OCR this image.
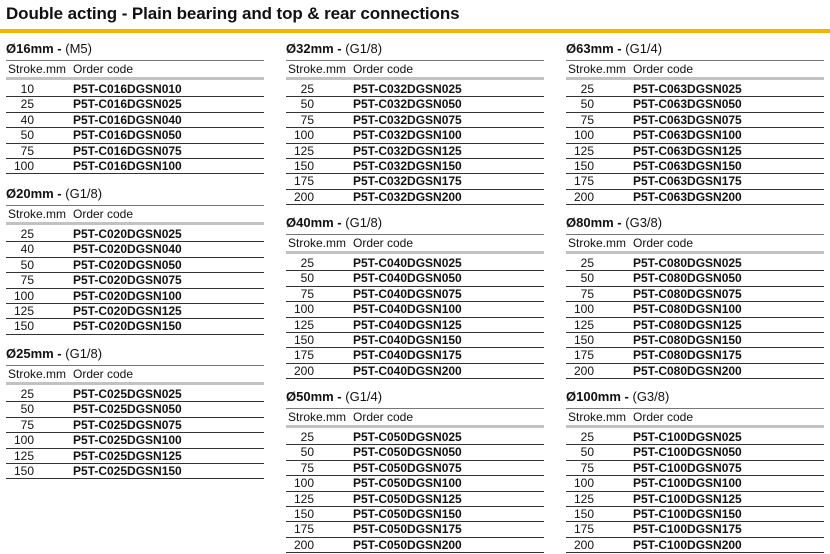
Double acting - Plain bearing and top & rear connections
Ø16mm - (M5)
Stroke.mm Order code
10	P5T-C016DGSN010
25	P5T-C016DGSN025
40	P5T-C016DGSN040
50	P5T-C016DGSN050
75	P5T-C016DGSN075
100	P5T-C016DGSN100
Ø20mm - (G1/8)
Stroke.mm Order code
25	P5T-C020DGSN025
40	P5T-C020DGSN040
50	P5T-C020DGSN050
75	P5T-C020DGSN075
100	P5T-C020DGSN100
125	P5T-C020DGSN125
150	P5T-C020DGSN150
Ø25mm - (G1/8)
Stroke.mm Order code
25	P5T-C025DGSN025
50	P5T-C025DGSN050
75	P5T-C025DGSN075
100	P5T-C025DGSN100
125	P5T-C025DGSN125
150	P5T-C025DGSN150
Ø32mm - (G1/8)
Stroke.mm Order code
25	P5T-C032DGSN025
50	P5T-C032DGSN050
75	P5T-C032DGSN075
100	P5T-C032DGSN100
125	P5T-C032DGSN125
150	P5T-C032DGSN150
175	P5T-C032DGSN175
200	P5T-C032DGSN200
Ø40mm - (G1/8)
Stroke.mm Order code
25	P5T-C040DGSN025
50	P5T-C040DGSN050
75	P5T-C040DGSN075
100	P5T-C040DGSN100
125	P5T-C040DGSN125
150	P5T-C040DGSN150
175	P5T-C040DGSN175
200	P5T-C040DGSN200
Ø50mm - (G1/4)
Stroke.mm Order code
25	P5T-C050DGSN025
50	P5T-C050DGSN050
75	P5T-C050DGSN075
100	P5T-C050DGSN100
125	P5T-C050DGSN125
150	P5T-C050DGSN150
175	P5T-C050DGSN175
200	P5T-C050DGSN200
Ø63mm - (G1/4)
Stroke.mm Order code
25	P5T-C063DGSN025
50	P5T-C063DGSN050
75	P5T-C063DGSN075
100	P5T-C063DGSN100
125	P5T-C063DGSN125
150	P5T-C063DGSN150
175	P5T-C063DGSN175
200	P5T-C063DGSN200
Ø80mm - (G3/8)
Stroke.mm Order code
25	P5T-C080DGSN025
50	P5T-C080DGSN050
75	P5T-C080DGSN075
100	P5T-C080DGSN100
125	P5T-C080DGSN125
150	P5T-C080DGSN150
175	P5T-C080DGSN175
200	P5T-C080DGSN200
Ø100mm - (G3/8)
Stroke.mm Order code
25	P5T-C100DGSN025
50	P5T-C100DGSN050
75	P5T-C100DGSN075
100	P5T-C100DGSN100
125	P5T-C100DGSN125
150	P5T-C100DGSN150
175	P5T-C100DGSN175
200	P5T-C100DGSN200
